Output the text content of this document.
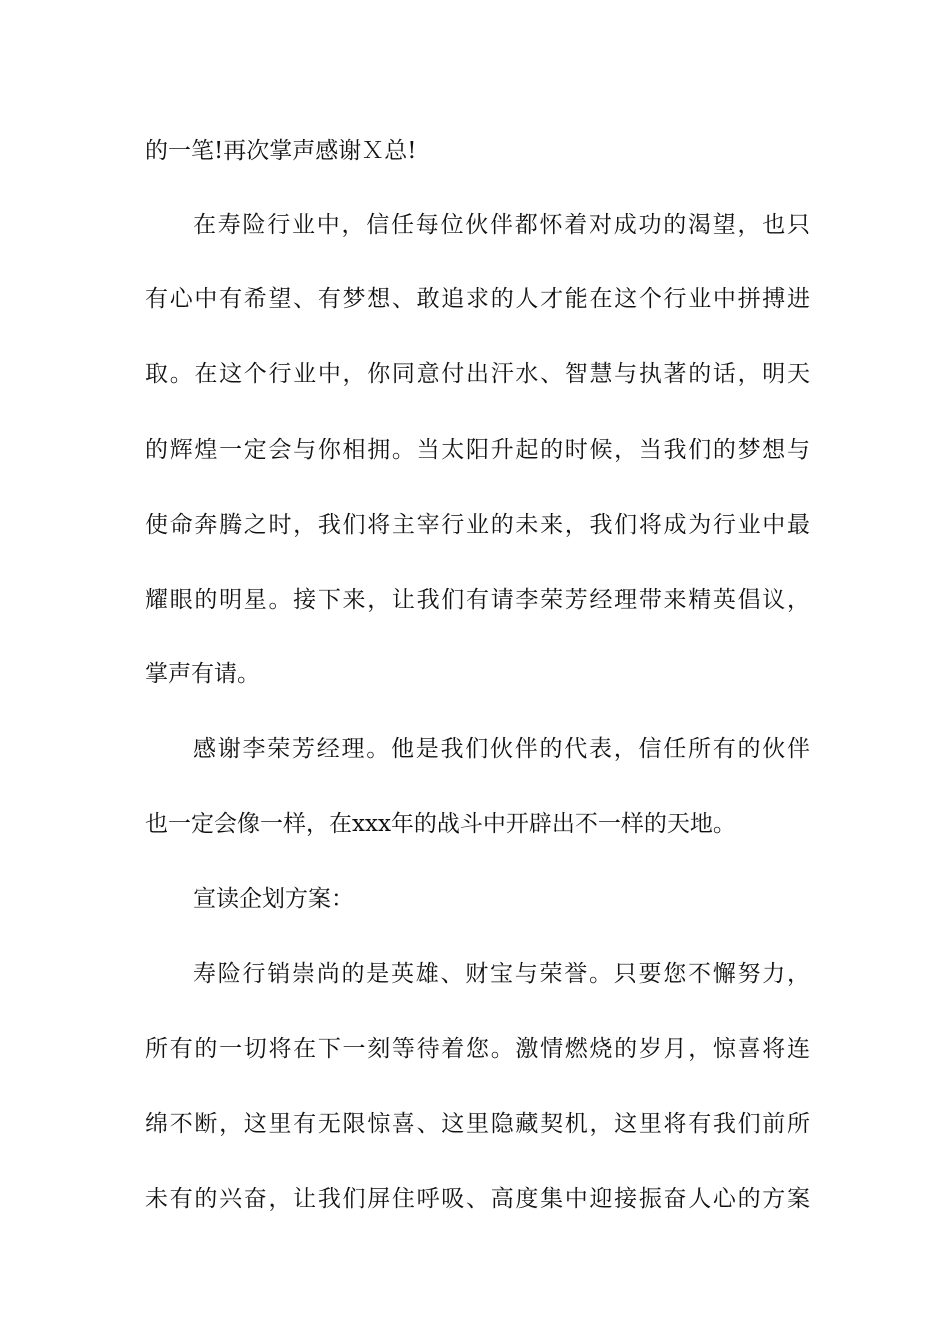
的一笔!再次掌声感谢Ｘ总!

在寿险行业中，信任每位伙伴都怀着对成功的渴望，也只

有心中有希望、有梦想、敢追求的人才能在这个行业中拼搏进

取。在这个行业中，你同意付出汗水、智慧与执著的话，明天

的辉煌一定会与你相拥。当太阳升起的时候，当我们的梦想与

使命奔腾之时，我们将主宰行业的未来，我们将成为行业中最

耀眼的明星。接下来，让我们有请李荣芳经理带来精英倡议，

掌声有请。

感谢李荣芳经理。他是我们伙伴的代表，信任所有的伙伴

也一定会像一样，在xxx年的战斗中开辟出不一样的天地。

宣读企划方案：

寿险行销崇尚的是英雄、财宝与荣誉。只要您不懈努力，

所有的一切将在下一刻等待着您。激情燃烧的岁月，惊喜将连

绵不断，这里有无限惊喜、这里隐藏契机，这里将有我们前所

未有的兴奋，让我们屏住呼吸、高度集中迎接振奋人心的方案
